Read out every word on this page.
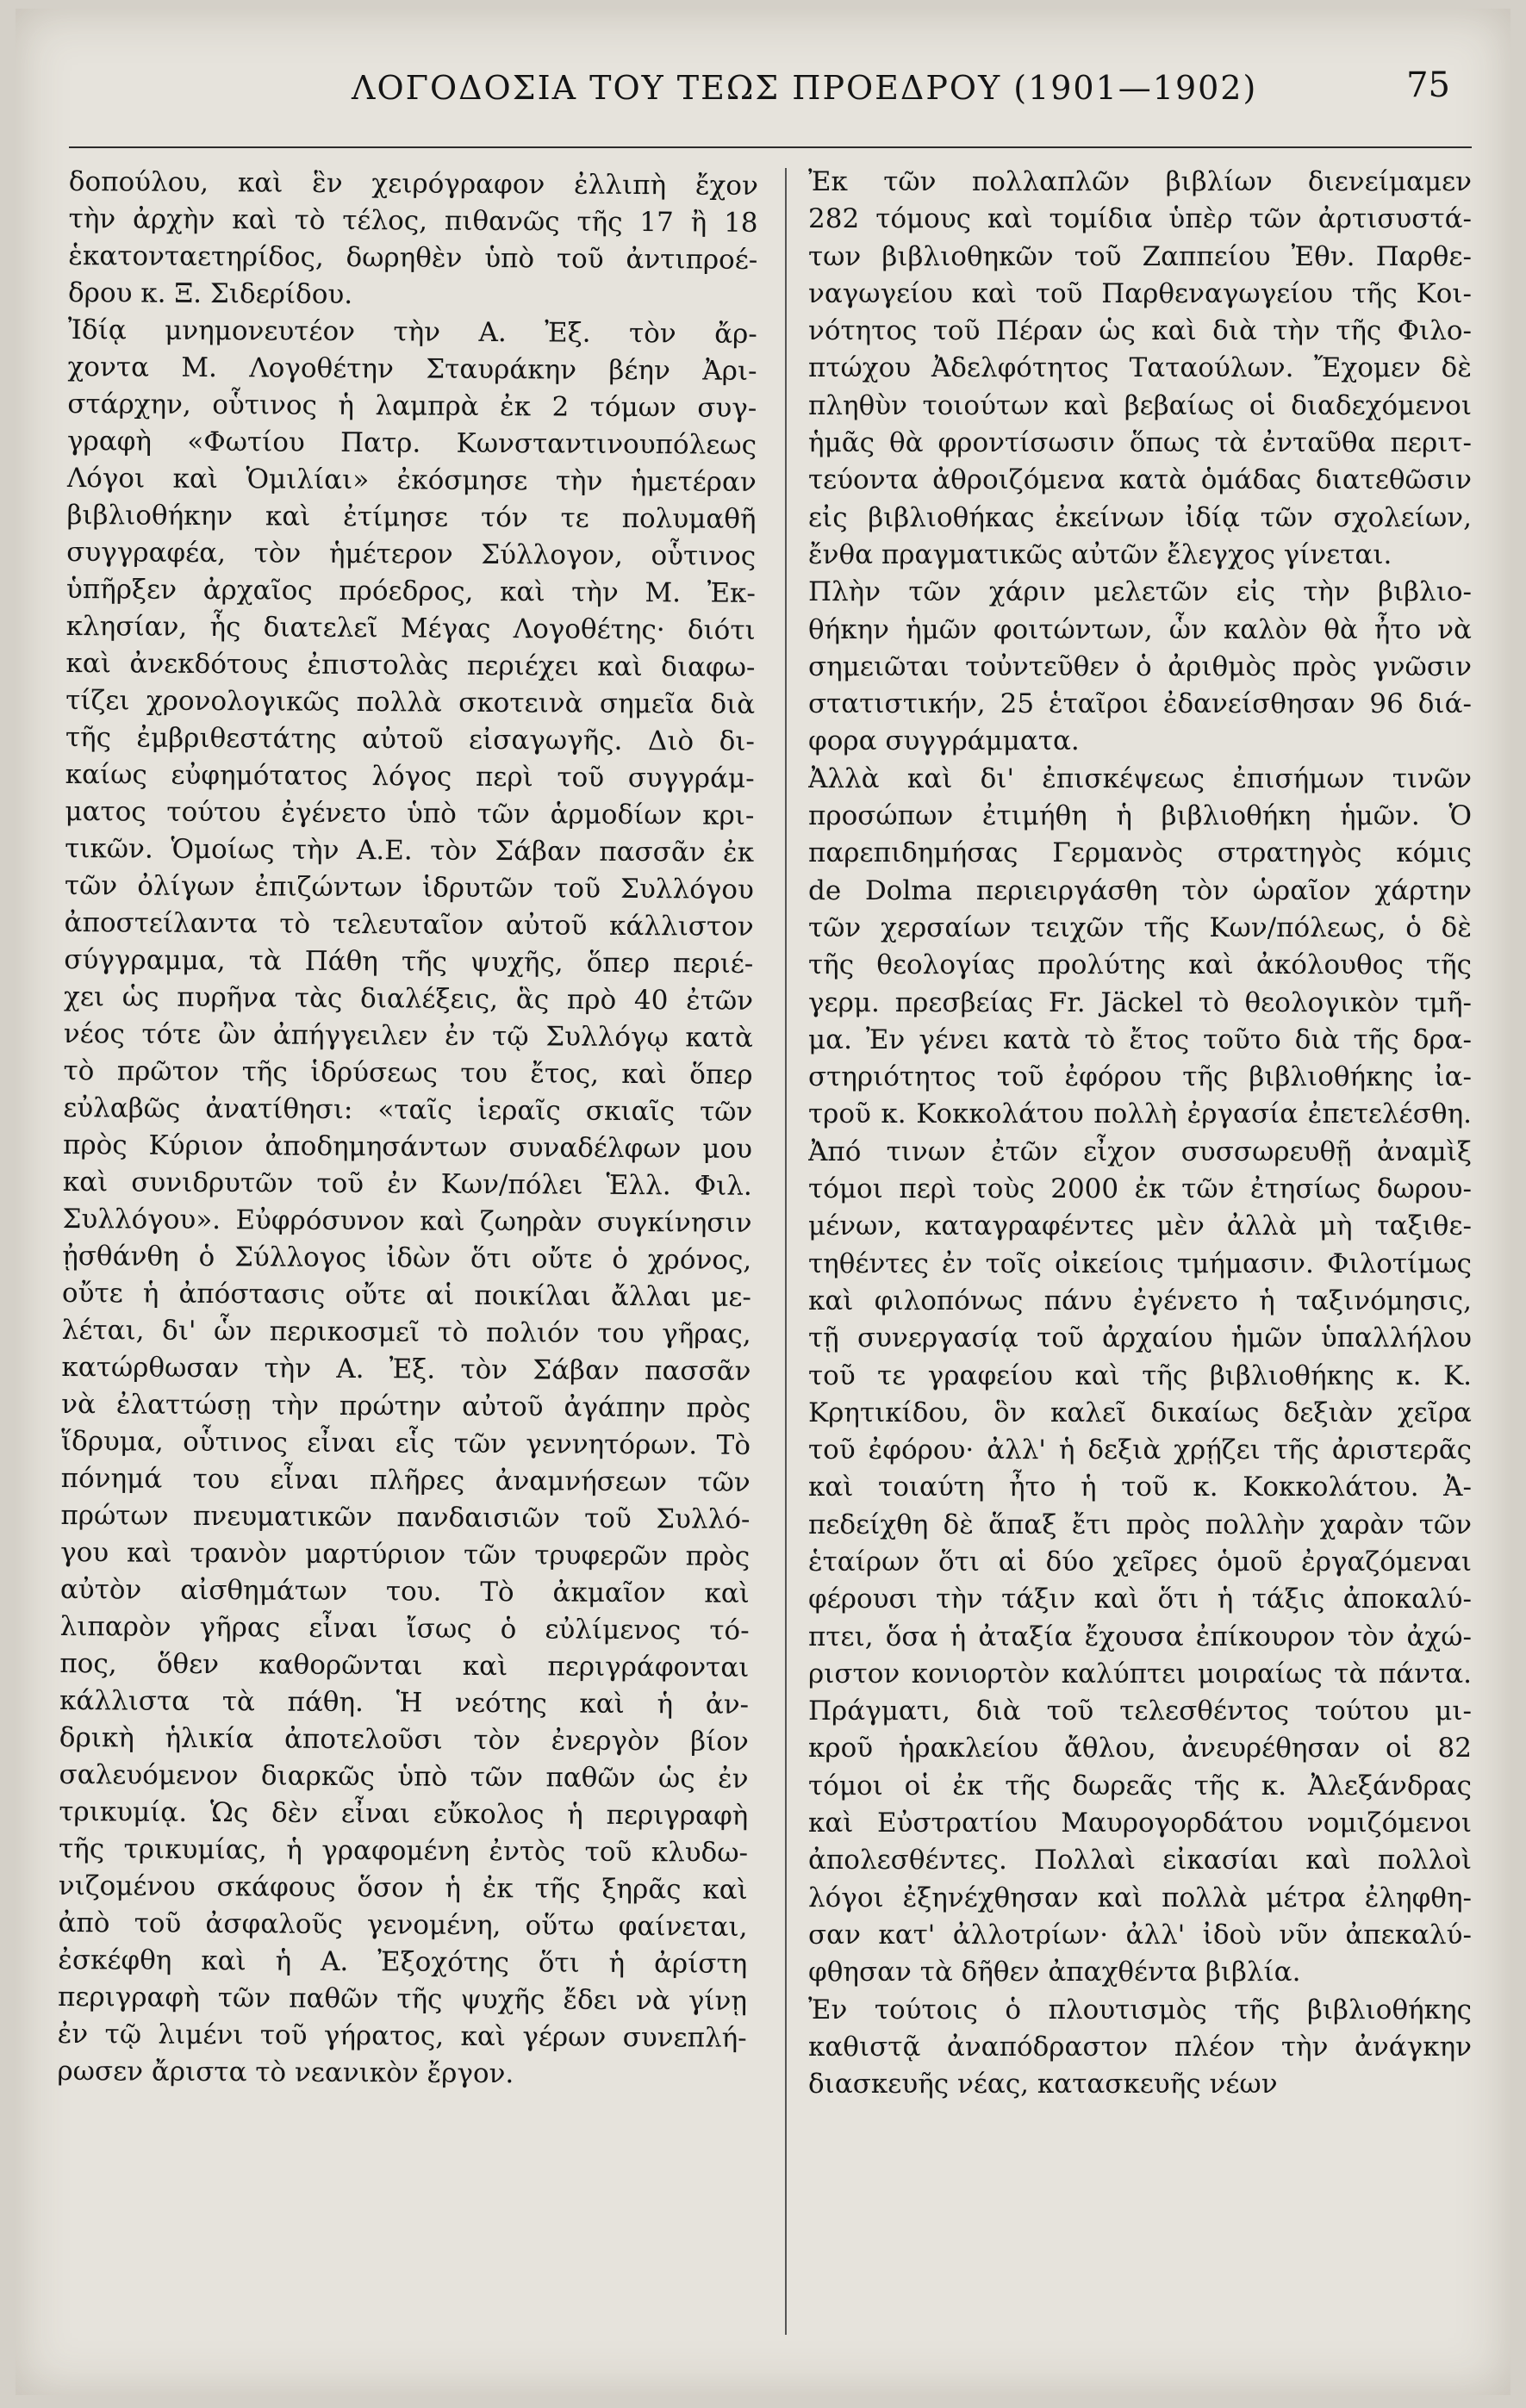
ΛΟΓΟΔΟΣΙΑ ΤΟΥ ΤΕΩΣ ΠΡΟΕΔΡΟΥ (1901—1902)	75
δοπούλου, καὶ ἓν χειρόγραφον ἐλλιπὴ ἔχον
τὴν ἀρχὴν καὶ τὸ τέλος, πιθανῶς τῆς 17 ἢ 18
ἑκατονταετηρίδος, δωρηθὲν ὑπὸ τοῦ ἀντιπροέ-
δρου κ. Ξ. Σιδερίδου.
Ἰδίᾳ μνημονευτέον τὴν Α. Ἐξ. τὸν ἄρ-
χοντα Μ. Λογοθέτην Σταυράκην βέην Ἀρι-
στάρχην, οὗτινος ἡ λαμπρὰ ἐκ 2 τόμων συγ-
γραφὴ «Φωτίου Πατρ. Κωνσταντινουπόλεως
Λόγοι καὶ Ὁμιλίαι» ἐκόσμησε τὴν ἡμετέραν
βιβλιοθήκην καὶ ἐτίμησε τόν τε πολυμαθῆ
συγγραφέα, τὸν ἡμέτερον Σύλλογον, οὗτινος
ὑπῆρξεν ἀρχαῖος πρόεδρος, καὶ τὴν Μ. Ἐκ-
κλησίαν, ἧς διατελεῖ Μέγας Λογοθέτης· διότι
καὶ ἀνεκδότους ἐπιστολὰς περιέχει καὶ διαφω-
τίζει χρονολογικῶς πολλὰ σκοτεινὰ σημεῖα διὰ
τῆς ἐμβριθεστάτης αὐτοῦ εἰσαγωγῆς. Διὸ δι-
καίως εὐφημότατος λόγος περὶ τοῦ συγγράμ-
ματος τούτου ἐγένετο ὑπὸ τῶν ἁρμοδίων κρι-
τικῶν. Ὁμοίως τὴν Α.Ε. τὸν Σάβαν πασσᾶν ἐκ
τῶν ὀλίγων ἐπιζώντων ἱδρυτῶν τοῦ Συλλόγου
ἀποστείλαντα τὸ τελευταῖον αὐτοῦ κάλλιστον
σύγγραμμα, τὰ Πάθη τῆς ψυχῆς, ὅπερ περιέ-
χει ὡς πυρῆνα τὰς διαλέξεις, ἃς πρὸ 40 ἐτῶν
νέος τότε ὢν ἀπήγγειλεν ἐν τῷ Συλλόγῳ κατὰ
τὸ πρῶτον τῆς ἱδρύσεως του ἔτος, καὶ ὅπερ
εὐλαβῶς ἀνατίθησι: «ταῖς ἱεραῖς σκιαῖς τῶν
πρὸς Κύριον ἀποδημησάντων συναδέλφων μου
καὶ συνιδρυτῶν τοῦ ἐν Κων/πόλει Ἑλλ. Φιλ.
Συλλόγου». Εὐφρόσυνον καὶ ζωηρὰν συγκίνησιν
ᾐσθάνθη ὁ Σύλλογος ἰδὼν ὅτι οὔτε ὁ χρόνος,
οὔτε ἡ ἀπόστασις οὔτε αἱ ποικίλαι ἄλλαι με-
λέται, δι' ὧν περικοσμεῖ τὸ πολιόν του γῆρας,
κατώρθωσαν τὴν Α. Ἐξ. τὸν Σάβαν πασσᾶν
νὰ ἐλαττώσῃ τὴν πρώτην αὐτοῦ ἀγάπην πρὸς
ἵδρυμα, οὗτινος εἶναι εἷς τῶν γεννητόρων. Τὸ
πόνημά του εἶναι πλῆρες ἀναμνήσεων τῶν
πρώτων πνευματικῶν πανδαισιῶν τοῦ Συλλό-
γου καὶ τρανὸν μαρτύριον τῶν τρυφερῶν πρὸς
αὐτὸν αἰσθημάτων του. Τὸ ἀκμαῖον καὶ
λιπαρὸν γῆρας εἶναι ἴσως ὁ εὐλίμενος τό-
πος, ὅθεν καθορῶνται καὶ περιγράφονται
κάλλιστα τὰ πάθη. Ἡ νεότης καὶ ἡ ἀν-
δρικὴ ἡλικία ἀποτελοῦσι τὸν ἐνεργὸν βίον
σαλευόμενον διαρκῶς ὑπὸ τῶν παθῶν ὡς ἐν
τρικυμίᾳ. Ὡς δὲν εἶναι εὔκολος ἡ περιγραφὴ
τῆς τρικυμίας, ἡ γραφομένη ἐντὸς τοῦ κλυδω-
νιζομένου σκάφους ὅσον ἡ ἐκ τῆς ξηρᾶς καὶ
ἀπὸ τοῦ ἀσφαλοῦς γενομένη, οὕτω φαίνεται,
ἐσκέφθη καὶ ἡ Α. Ἐξοχότης ὅτι ἡ ἀρίστη
περιγραφὴ τῶν παθῶν τῆς ψυχῆς ἔδει νὰ γίνῃ
ἐν τῷ λιμένι τοῦ γήρατος, καὶ γέρων συνεπλή-
ρωσεν ἄριστα τὸ νεανικὸν ἔργον.
Ἐκ τῶν πολλαπλῶν βιβλίων διενείμαμεν
282 τόμους καὶ τομίδια ὑπὲρ τῶν ἀρτισυστά-
των βιβλιοθηκῶν τοῦ Ζαππείου Ἐθν. Παρθε-
ναγωγείου καὶ τοῦ Παρθεναγωγείου τῆς Κοι-
νότητος τοῦ Πέραν ὡς καὶ διὰ τὴν τῆς Φιλο-
πτώχου Ἀδελφότητος Ταταούλων. Ἔχομεν δὲ
πληθὺν τοιούτων καὶ βεβαίως οἱ διαδεχόμενοι
ἡμᾶς θὰ φροντίσωσιν ὅπως τὰ ἐνταῦθα περιτ-
τεύοντα ἀθροιζόμενα κατὰ ὁμάδας διατεθῶσιν
εἰς βιβλιοθήκας ἐκείνων ἰδίᾳ τῶν σχολείων,
ἔνθα πραγματικῶς αὐτῶν ἔλεγχος γίνεται.
Πλὴν τῶν χάριν μελετῶν εἰς τὴν βιβλιο-
θήκην ἡμῶν φοιτώντων, ὧν καλὸν θὰ ἦτο νὰ
σημειῶται τοὐντεῦθεν ὁ ἀριθμὸς πρὸς γνῶσιν
στατιστικήν, 25 ἑταῖροι ἐδανείσθησαν 96 διά-
φορα συγγράμματα.
Ἀλλὰ καὶ δι' ἐπισκέψεως ἐπισήμων τινῶν
προσώπων ἐτιμήθη ἡ βιβλιοθήκη ἡμῶν. Ὁ
παρεπιδημήσας Γερμανὸς στρατηγὸς κόμις
de Dolma περιειργάσθη τὸν ὡραῖον χάρτην
τῶν χερσαίων τειχῶν τῆς Κων/πόλεως, ὁ δὲ
τῆς θεολογίας προλύτης καὶ ἀκόλουθος τῆς
γερμ. πρεσβείας Fr. Jäckel τὸ θεολογικὸν τμῆ-
μα. Ἐν γένει κατὰ τὸ ἔτος τοῦτο διὰ τῆς δρα-
στηριότητος τοῦ ἐφόρου τῆς βιβλιοθήκης ἰα-
τροῦ κ. Κοκκολάτου πολλὴ ἐργασία ἐπετελέσθη.
Ἀπό τινων ἐτῶν εἶχον συσσωρευθῇ ἀναμὶξ
τόμοι περὶ τοὺς 2000 ἐκ τῶν ἐτησίως δωρου-
μένων, καταγραφέντες μὲν ἀλλὰ μὴ ταξιθε-
τηθέντες ἐν τοῖς οἰκείοις τμήμασιν. Φιλοτίμως
καὶ φιλοπόνως πάνυ ἐγένετο ἡ ταξινόμησις,
τῇ συνεργασίᾳ τοῦ ἀρχαίου ἡμῶν ὑπαλλήλου
τοῦ τε γραφείου καὶ τῆς βιβλιοθήκης κ. Κ.
Κρητικίδου, ὃν καλεῖ δικαίως δεξιὰν χεῖρα
τοῦ ἐφόρου· ἀλλ' ἡ δεξιὰ χρῄζει τῆς ἀριστερᾶς
καὶ τοιαύτη ἦτο ἡ τοῦ κ. Κοκκολάτου. Ἀ-
πεδείχθη δὲ ἅπαξ ἔτι πρὸς πολλὴν χαρὰν τῶν
ἑταίρων ὅτι αἱ δύο χεῖρες ὁμοῦ ἐργαζόμεναι
φέρουσι τὴν τάξιν καὶ ὅτι ἡ τάξις ἀποκαλύ-
πτει, ὅσα ἡ ἀταξία ἔχουσα ἐπίκουρον τὸν ἀχώ-
ριστον κονιορτὸν καλύπτει μοιραίως τὰ πάντα.
Πράγματι, διὰ τοῦ τελεσθέντος τούτου μι-
κροῦ ἡρακλείου ἄθλου, ἀνευρέθησαν οἱ 82
τόμοι οἱ ἐκ τῆς δωρεᾶς τῆς κ. Ἀλεξάνδρας
καὶ Εὐστρατίου Μαυρογορδάτου νομιζόμενοι
ἀπολεσθέντες. Πολλαὶ εἰκασίαι καὶ πολλοὶ
λόγοι ἐξηνέχθησαν καὶ πολλὰ μέτρα ἐληφθη-
σαν κατ' ἀλλοτρίων· ἀλλ' ἰδοὺ νῦν ἀπεκαλύ-
φθησαν τὰ δῆθεν ἀπαχθέντα βιβλία.
Ἐν τούτοις ὁ πλουτισμὸς τῆς βιβλιοθήκης
καθιστᾷ ἀναπόδραστον πλέον τὴν ἀνάγκην
διασκευῆς νέας, κατασκευῆς νέων
